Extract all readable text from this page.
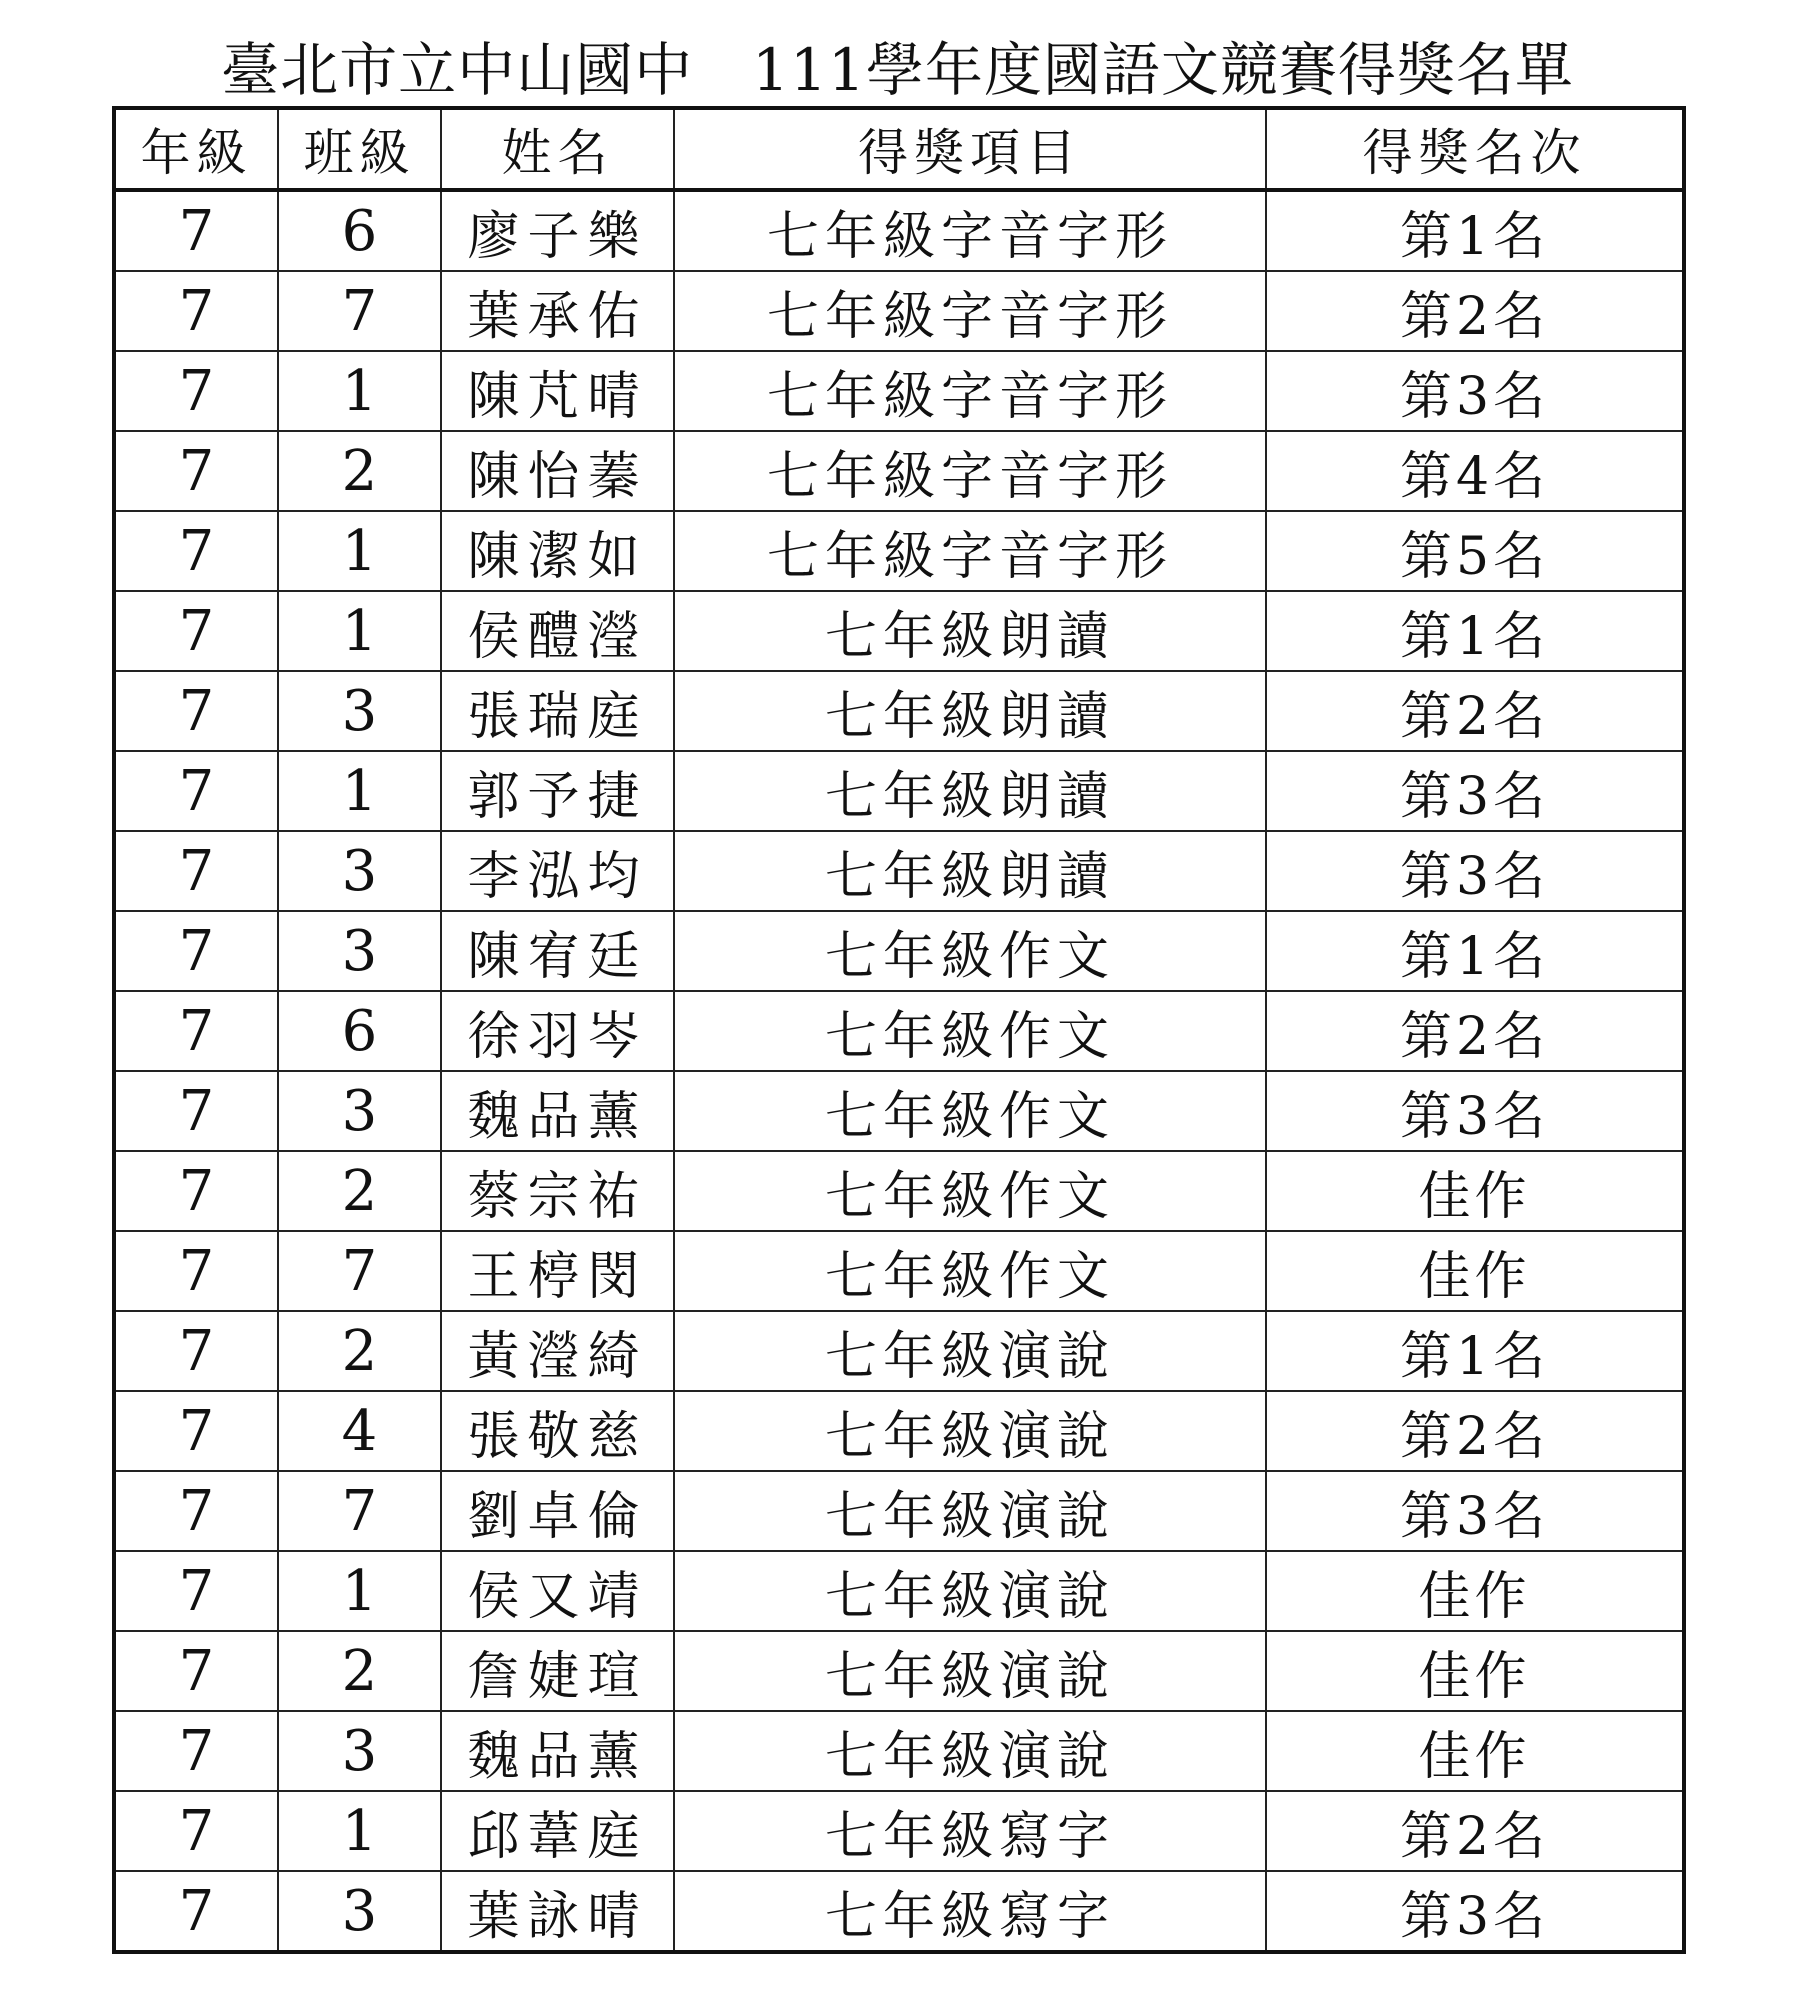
臺北市立中山國中　111學年度國語文競賽得獎名單
年級	班級	姓名	得獎項目	得獎名次
7	6	廖子樂	七年級字音字形	第1名
7	7	葉承佑	七年級字音字形	第2名
7	1	陳芃晴	七年級字音字形	第3名
7	2	陳怡蓁	七年級字音字形	第4名
7	1	陳潔如	七年級字音字形	第5名
7	1	侯醴瀅	七年級朗讀	第1名
7	3	張瑞庭	七年級朗讀	第2名
7	1	郭予捷	七年級朗讀	第3名
7	3	李泓均	七年級朗讀	第3名
7	3	陳宥廷	七年級作文	第1名
7	6	徐羽岑	七年級作文	第2名
7	3	魏品薰	七年級作文	第3名
7	2	蔡宗祐	七年級作文	佳作
7	7	王楟閔	七年級作文	佳作
7	2	黃瀅綺	七年級演說	第1名
7	4	張敬慈	七年級演說	第2名
7	7	劉卓倫	七年級演說	第3名
7	1	侯又靖	七年級演說	佳作
7	2	詹婕瑄	七年級演說	佳作
7	3	魏品薰	七年級演說	佳作
7	1	邱葦庭	七年級寫字	第2名
7	3	葉詠晴	七年級寫字	第3名
